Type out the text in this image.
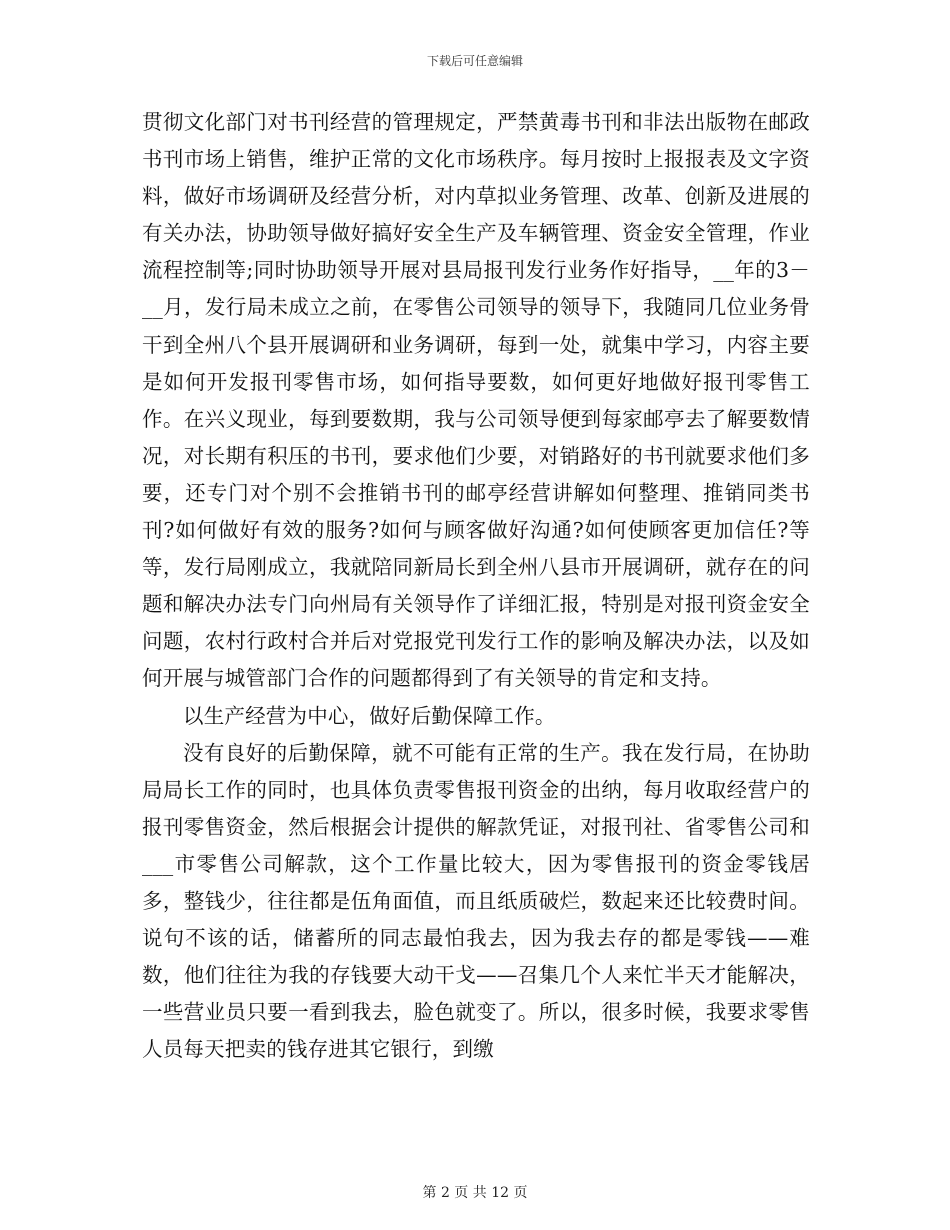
下载后可任意编辑

贯彻文化部门对书刊经营的管理规定，严禁黄毒书刊和非法出版物在邮政书刊市场上销售，维护正常的文化市场秩序。每月按时上报报表及文字资料，做好市场调研及经营分析，对内草拟业务管理、改革、创新及进展的有关办法，协助领导做好搞好安全生产及车辆管理、资金安全管理，作业流程控制等;同时协助领导开展对县局报刊发行业务作好指导，__年的3－__月，发行局未成立之前，在零售公司领导的领导下，我随同几位业务骨干到全州八个县开展调研和业务调研，每到一处，就集中学习，内容主要是如何开发报刊零售市场，如何指导要数，如何更好地做好报刊零售工作。在兴义现业，每到要数期，我与公司领导便到每家邮亭去了解要数情况，对长期有积压的书刊，要求他们少要，对销路好的书刊就要求他们多要，还专门对个别不会推销书刊的邮亭经营讲解如何整理、推销同类书刊?如何做好有效的服务?如何与顾客做好沟通?如何使顾客更加信任?等等，发行局刚成立，我就陪同新局长到全州八县市开展调研，就存在的问题和解决办法专门向州局有关领导作了详细汇报，特别是对报刊资金安全问题，农村行政村合并后对党报党刊发行工作的影响及解决办法，以及如何开展与城管部门合作的问题都得到了有关领导的肯定和支持。

以生产经营为中心，做好后勤保障工作。

没有良好的后勤保障，就不可能有正常的生产。我在发行局，在协助局局长工作的同时，也具体负责零售报刊资金的出纳，每月收取经营户的报刊零售资金，然后根据会计提供的解款凭证，对报刊社、省零售公司和___市零售公司解款，这个工作量比较大，因为零售报刊的资金零钱居多，整钱少，往往都是伍角面值，而且纸质破烂，数起来还比较费时间。说句不该的话，储蓄所的同志最怕我去，因为我去存的都是零钱——难数，他们往往为我的存钱要大动干戈——召集几个人来忙半天才能解决，一些营业员只要一看到我去，脸色就变了。所以，很多时候，我要求零售人员每天把卖的钱存进其它银行，到缴

第 2 页 共 12 页
